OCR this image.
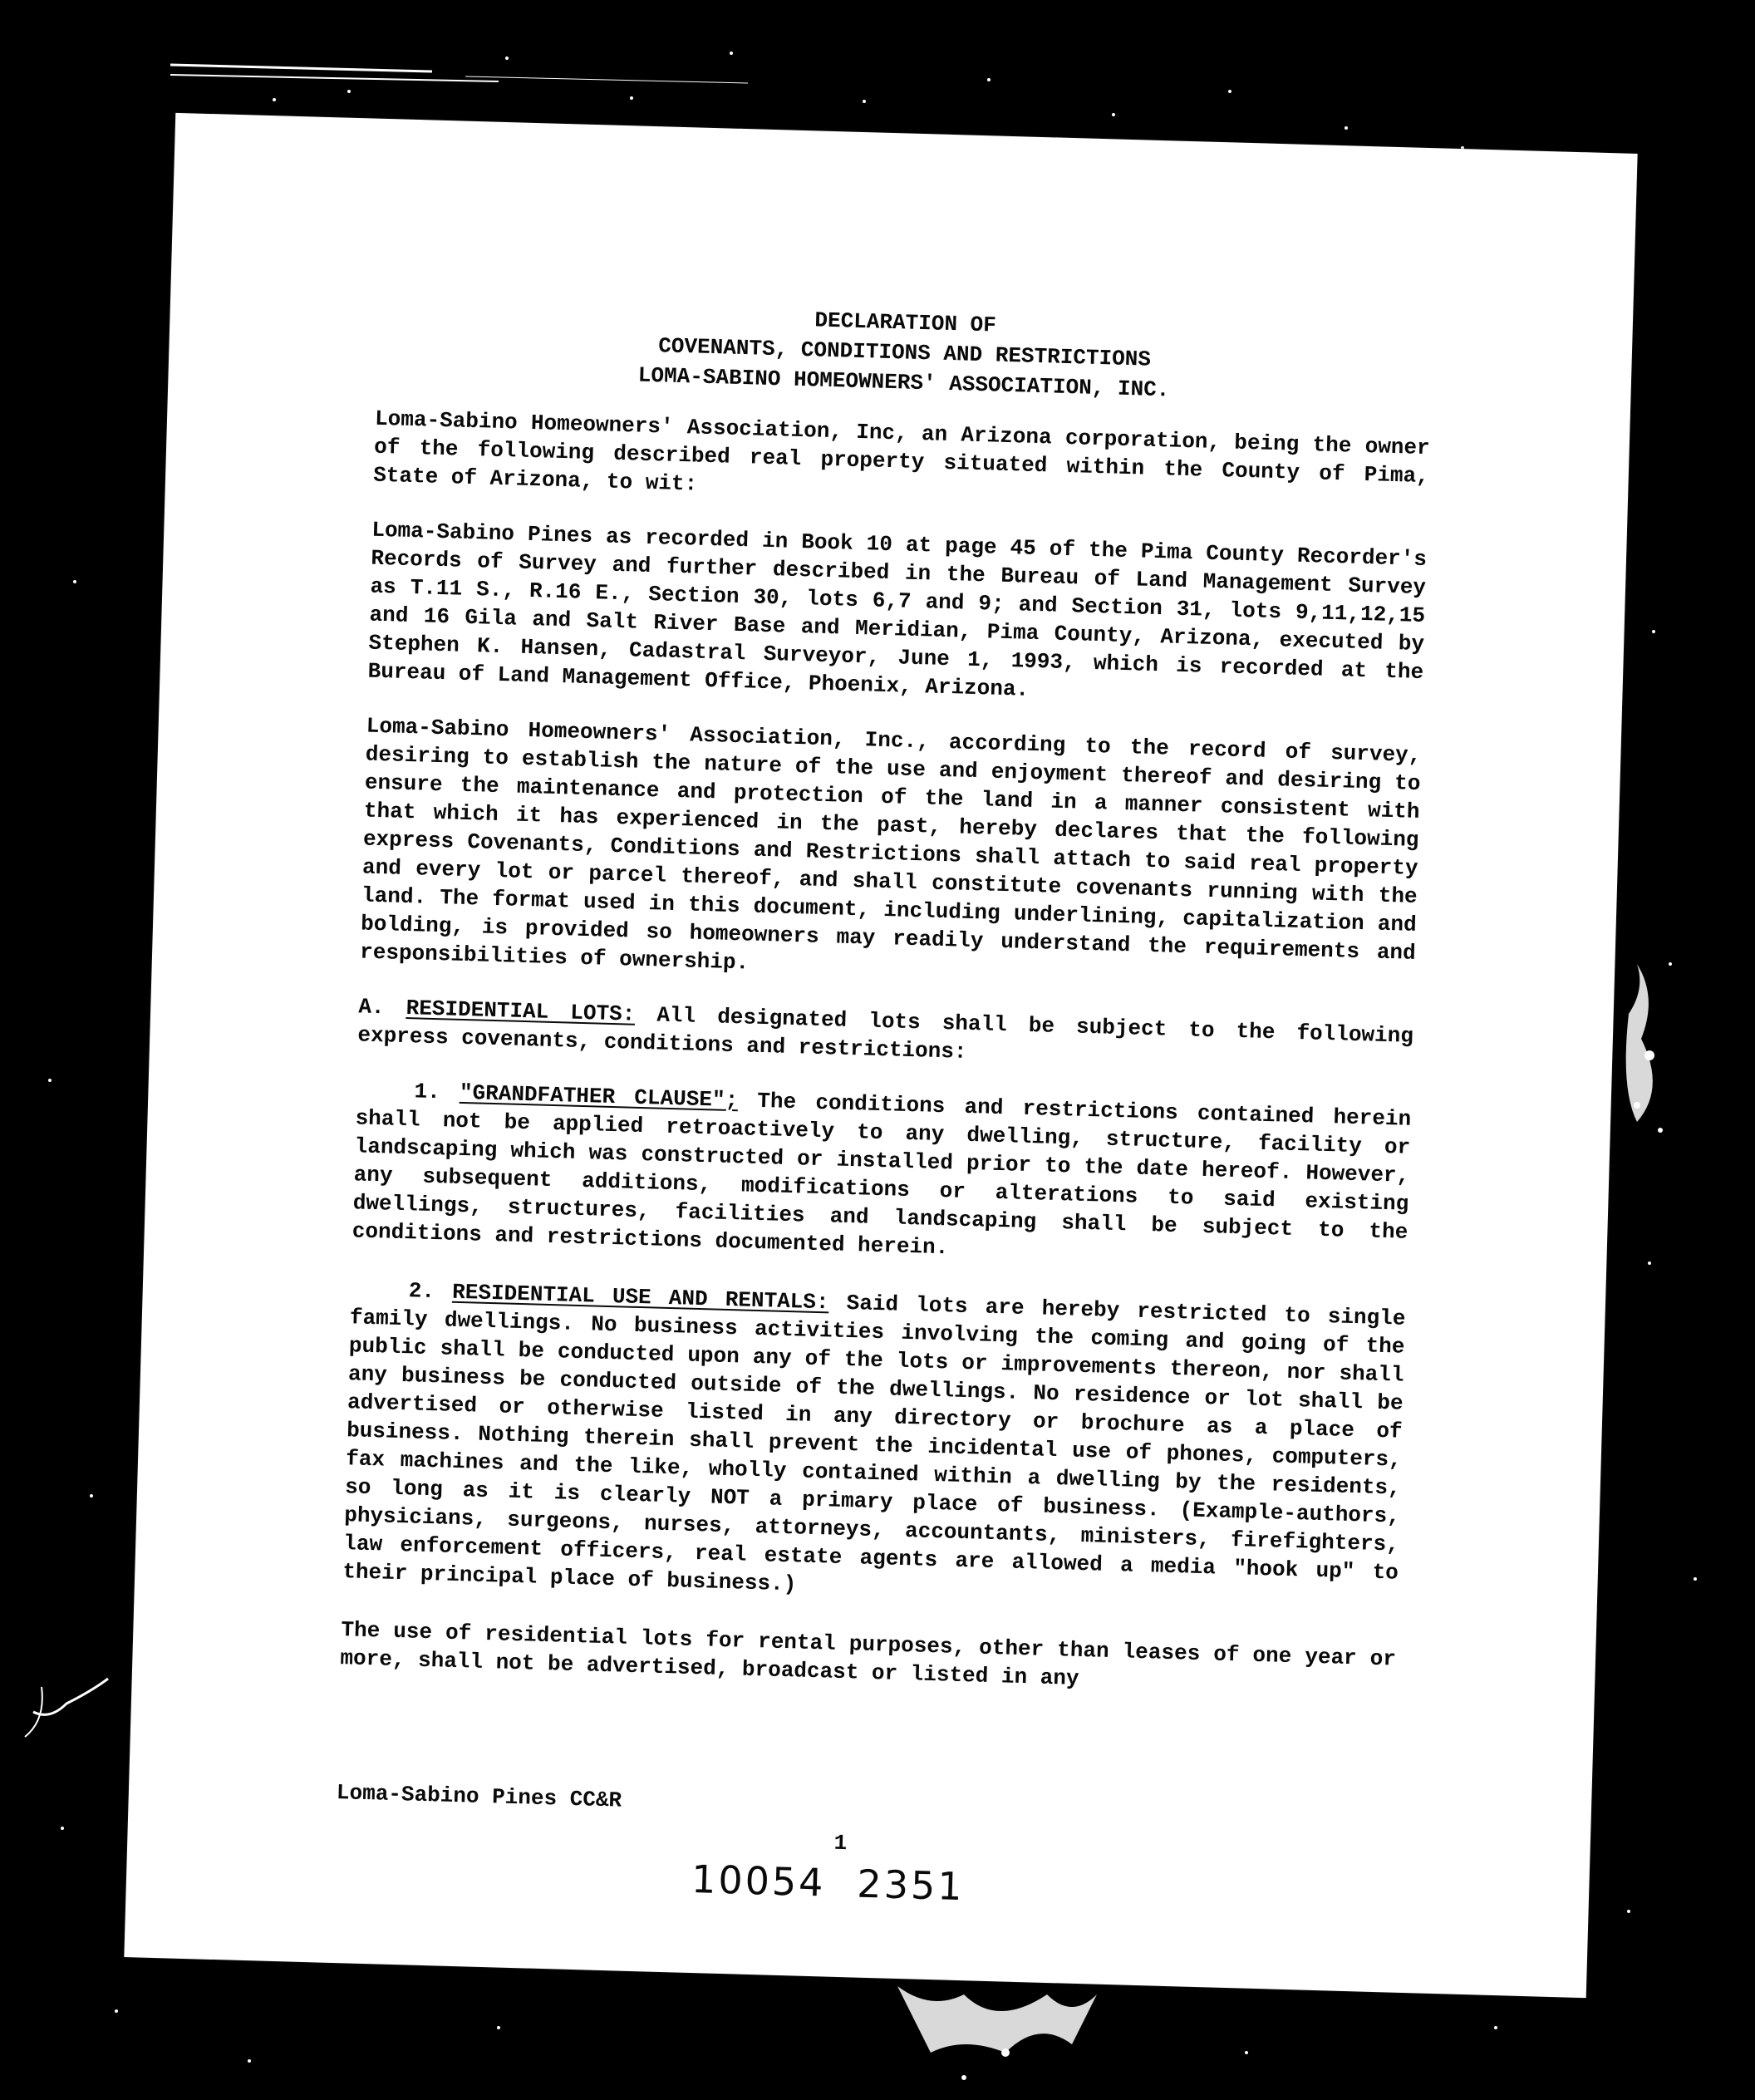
DECLARATION OF
COVENANTS, CONDITIONS AND RESTRICTIONS
LOMA-SABINO HOMEOWNERS' ASSOCIATION, INC.

Loma-Sabino Homeowners' Association, Inc, an Arizona corporation, being the owner of the following described real property situated within the County of Pima, State of Arizona, to wit:

Loma-Sabino Pines as recorded in Book 10 at page 45 of the Pima County Recorder's Records of Survey and further described in the Bureau of Land Management Survey as T.11 S., R.16 E., Section 30, lots 6,7 and 9; and Section 31, lots 9,11,12,15 and 16 Gila and Salt River Base and Meridian, Pima County, Arizona, executed by Stephen K. Hansen, Cadastral Surveyor, June 1, 1993, which is recorded at the Bureau of Land Management Office, Phoenix, Arizona.

Loma-Sabino Homeowners' Association, Inc., according to the record of survey, desiring to establish the nature of the use and enjoyment thereof and desiring to ensure the maintenance and protection of the land in a manner consistent with that which it has experienced in the past, hereby declares that the following express Covenants, Conditions and Restrictions shall attach to said real property and every lot or parcel thereof, and shall constitute covenants running with the land. The format used in this document, including underlining, capitalization and bolding, is provided so homeowners may readily understand the requirements and responsibilities of ownership.

A. RESIDENTIAL LOTS: All designated lots shall be subject to the following express covenants, conditions and restrictions:

1. "GRANDFATHER CLAUSE"; The conditions and restrictions contained herein shall not be applied retroactively to any dwelling, structure, facility or landscaping which was constructed or installed prior to the date hereof. However, any subsequent additions, modifications or alterations to said existing dwellings, structures, facilities and landscaping shall be subject to the conditions and restrictions documented herein.

2. RESIDENTIAL USE AND RENTALS: Said lots are hereby restricted to single family dwellings. No business activities involving the coming and going of the public shall be conducted upon any of the lots or improvements thereon, nor shall any business be conducted outside of the dwellings. No residence or lot shall be advertised or otherwise listed in any directory or brochure as a place of business. Nothing therein shall prevent the incidental use of phones, computers, fax machines and the like, wholly contained within a dwelling by the residents, so long as it is clearly NOT a primary place of business. (Example-authors, physicians, surgeons, nurses, attorneys, accountants, ministers, firefighters, law enforcement officers, real estate agents are allowed a media "hook up" to their principal place of business.)

The use of residential lots for rental purposes, other than leases of one year or more, shall not be advertised, broadcast or listed in any

Loma-Sabino Pines CC&R
1
10054 2351
